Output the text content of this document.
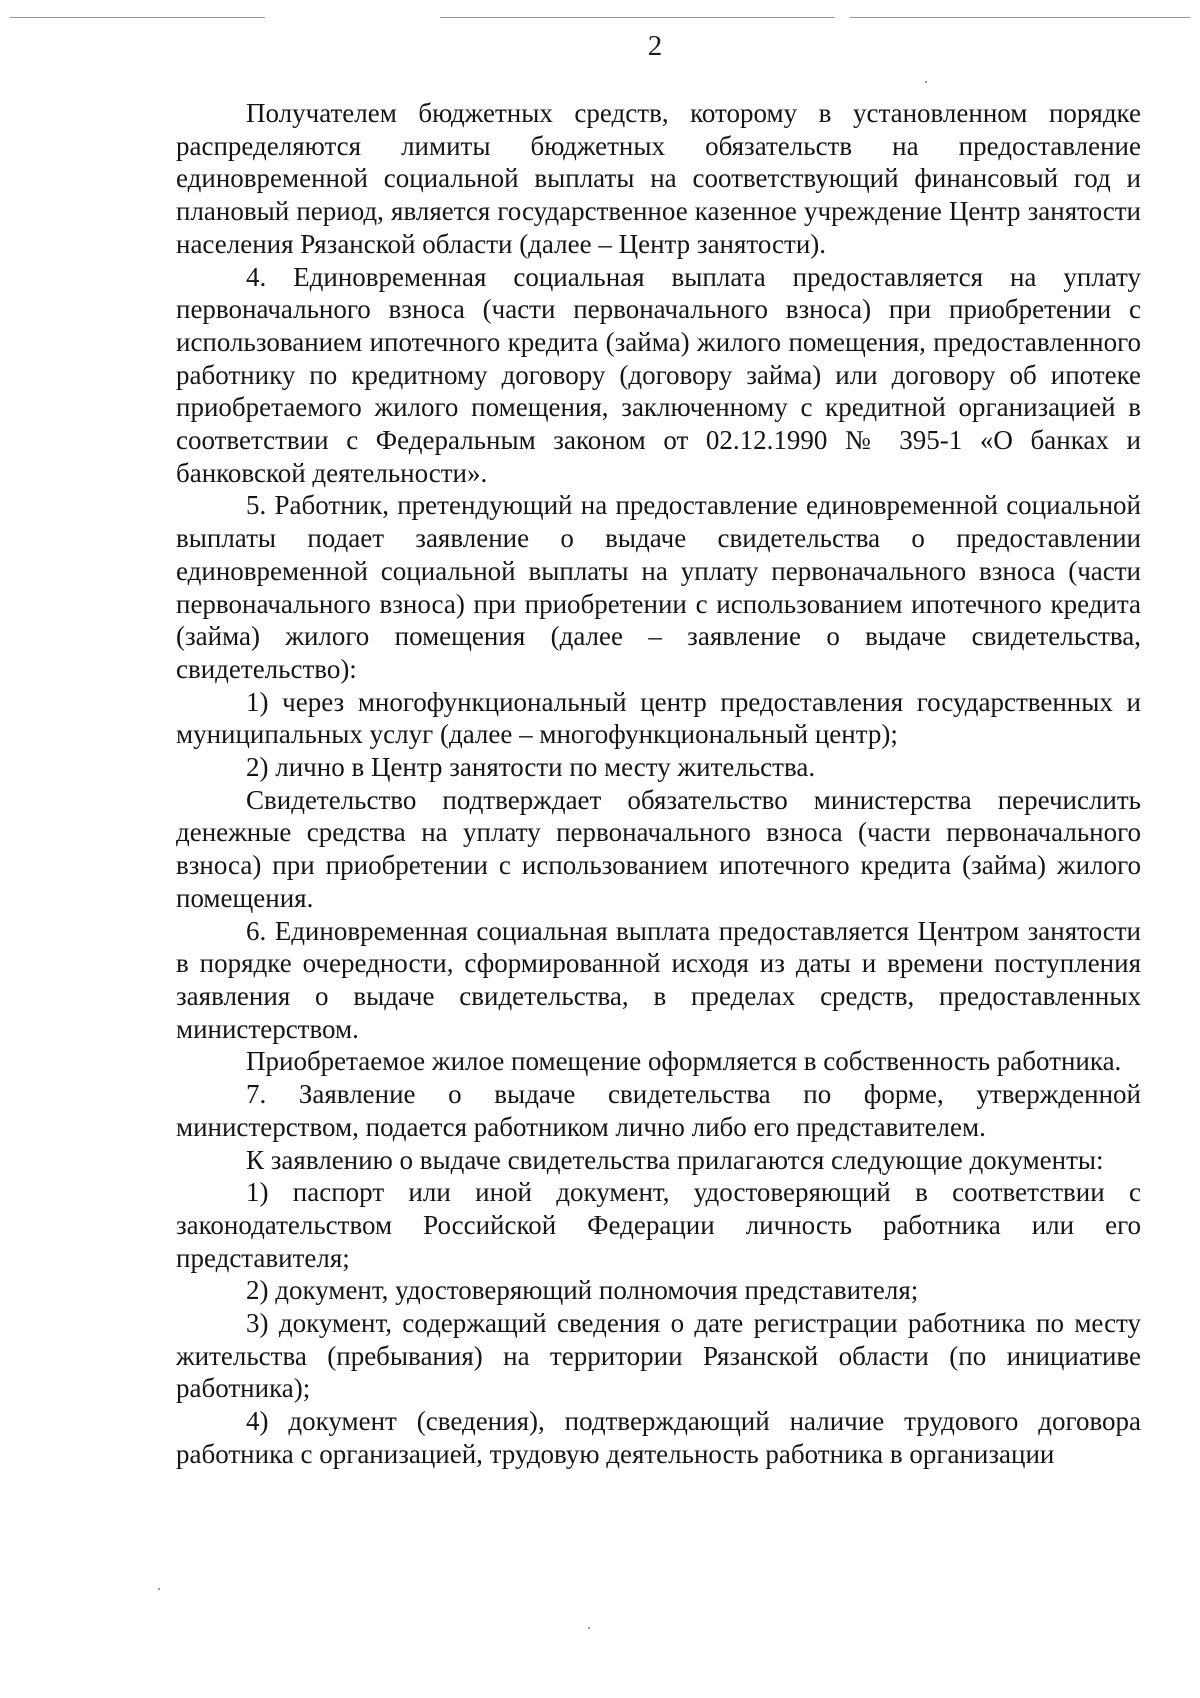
2

Получателем бюджетных средств, которому в установленном порядке распределяются лимиты бюджетных обязательств на предоставление единовременной социальной выплаты на соответствующий финансовый год и плановый период, является государственное казенное учреждение Центр занятости населения Рязанской области (далее – Центр занятости).

4. Единовременная социальная выплата предоставляется на уплату первоначального взноса (части первоначального взноса) при приобретении с использованием ипотечного кредита (займа) жилого помещения, предоставленного работнику по кредитному договору (договору займа) или договору об ипотеке приобретаемого жилого помещения, заключенному с кредитной организацией в соответствии с Федеральным законом от 02.12.1990 № 395-1 «О банках и банковской деятельности».

5. Работник, претендующий на предоставление единовременной социальной выплаты подает заявление о выдаче свидетельства о предоставлении единовременной социальной выплаты на уплату первоначального взноса (части первоначального взноса) при приобретении с использованием ипотечного кредита (займа) жилого помещения (далее – заявление о выдаче свидетельства, свидетельство):

1) через многофункциональный центр предоставления государственных и муниципальных услуг (далее – многофункциональный центр);

2) лично в Центр занятости по месту жительства.

Свидетельство подтверждает обязательство министерства перечислить денежные средства на уплату первоначального взноса (части первоначального взноса) при приобретении с использованием ипотечного кредита (займа) жилого помещения.

6. Единовременная социальная выплата предоставляется Центром занятости в порядке очередности, сформированной исходя из даты и времени поступления заявления о выдаче свидетельства, в пределах средств, предоставленных министерством.

Приобретаемое жилое помещение оформляется в собственность работника.

7. Заявление о выдаче свидетельства по форме, утвержденной министерством, подается работником лично либо его представителем.

К заявлению о выдаче свидетельства прилагаются следующие документы:

1) паспорт или иной документ, удостоверяющий в соответствии с законодательством Российской Федерации личность работника или его представителя;

2) документ, удостоверяющий полномочия представителя;

3) документ, содержащий сведения о дате регистрации работника по месту жительства (пребывания) на территории Рязанской области (по инициативе работника);

4) документ (сведения), подтверждающий наличие трудового договора работника с организацией, трудовую деятельность работника в организации
